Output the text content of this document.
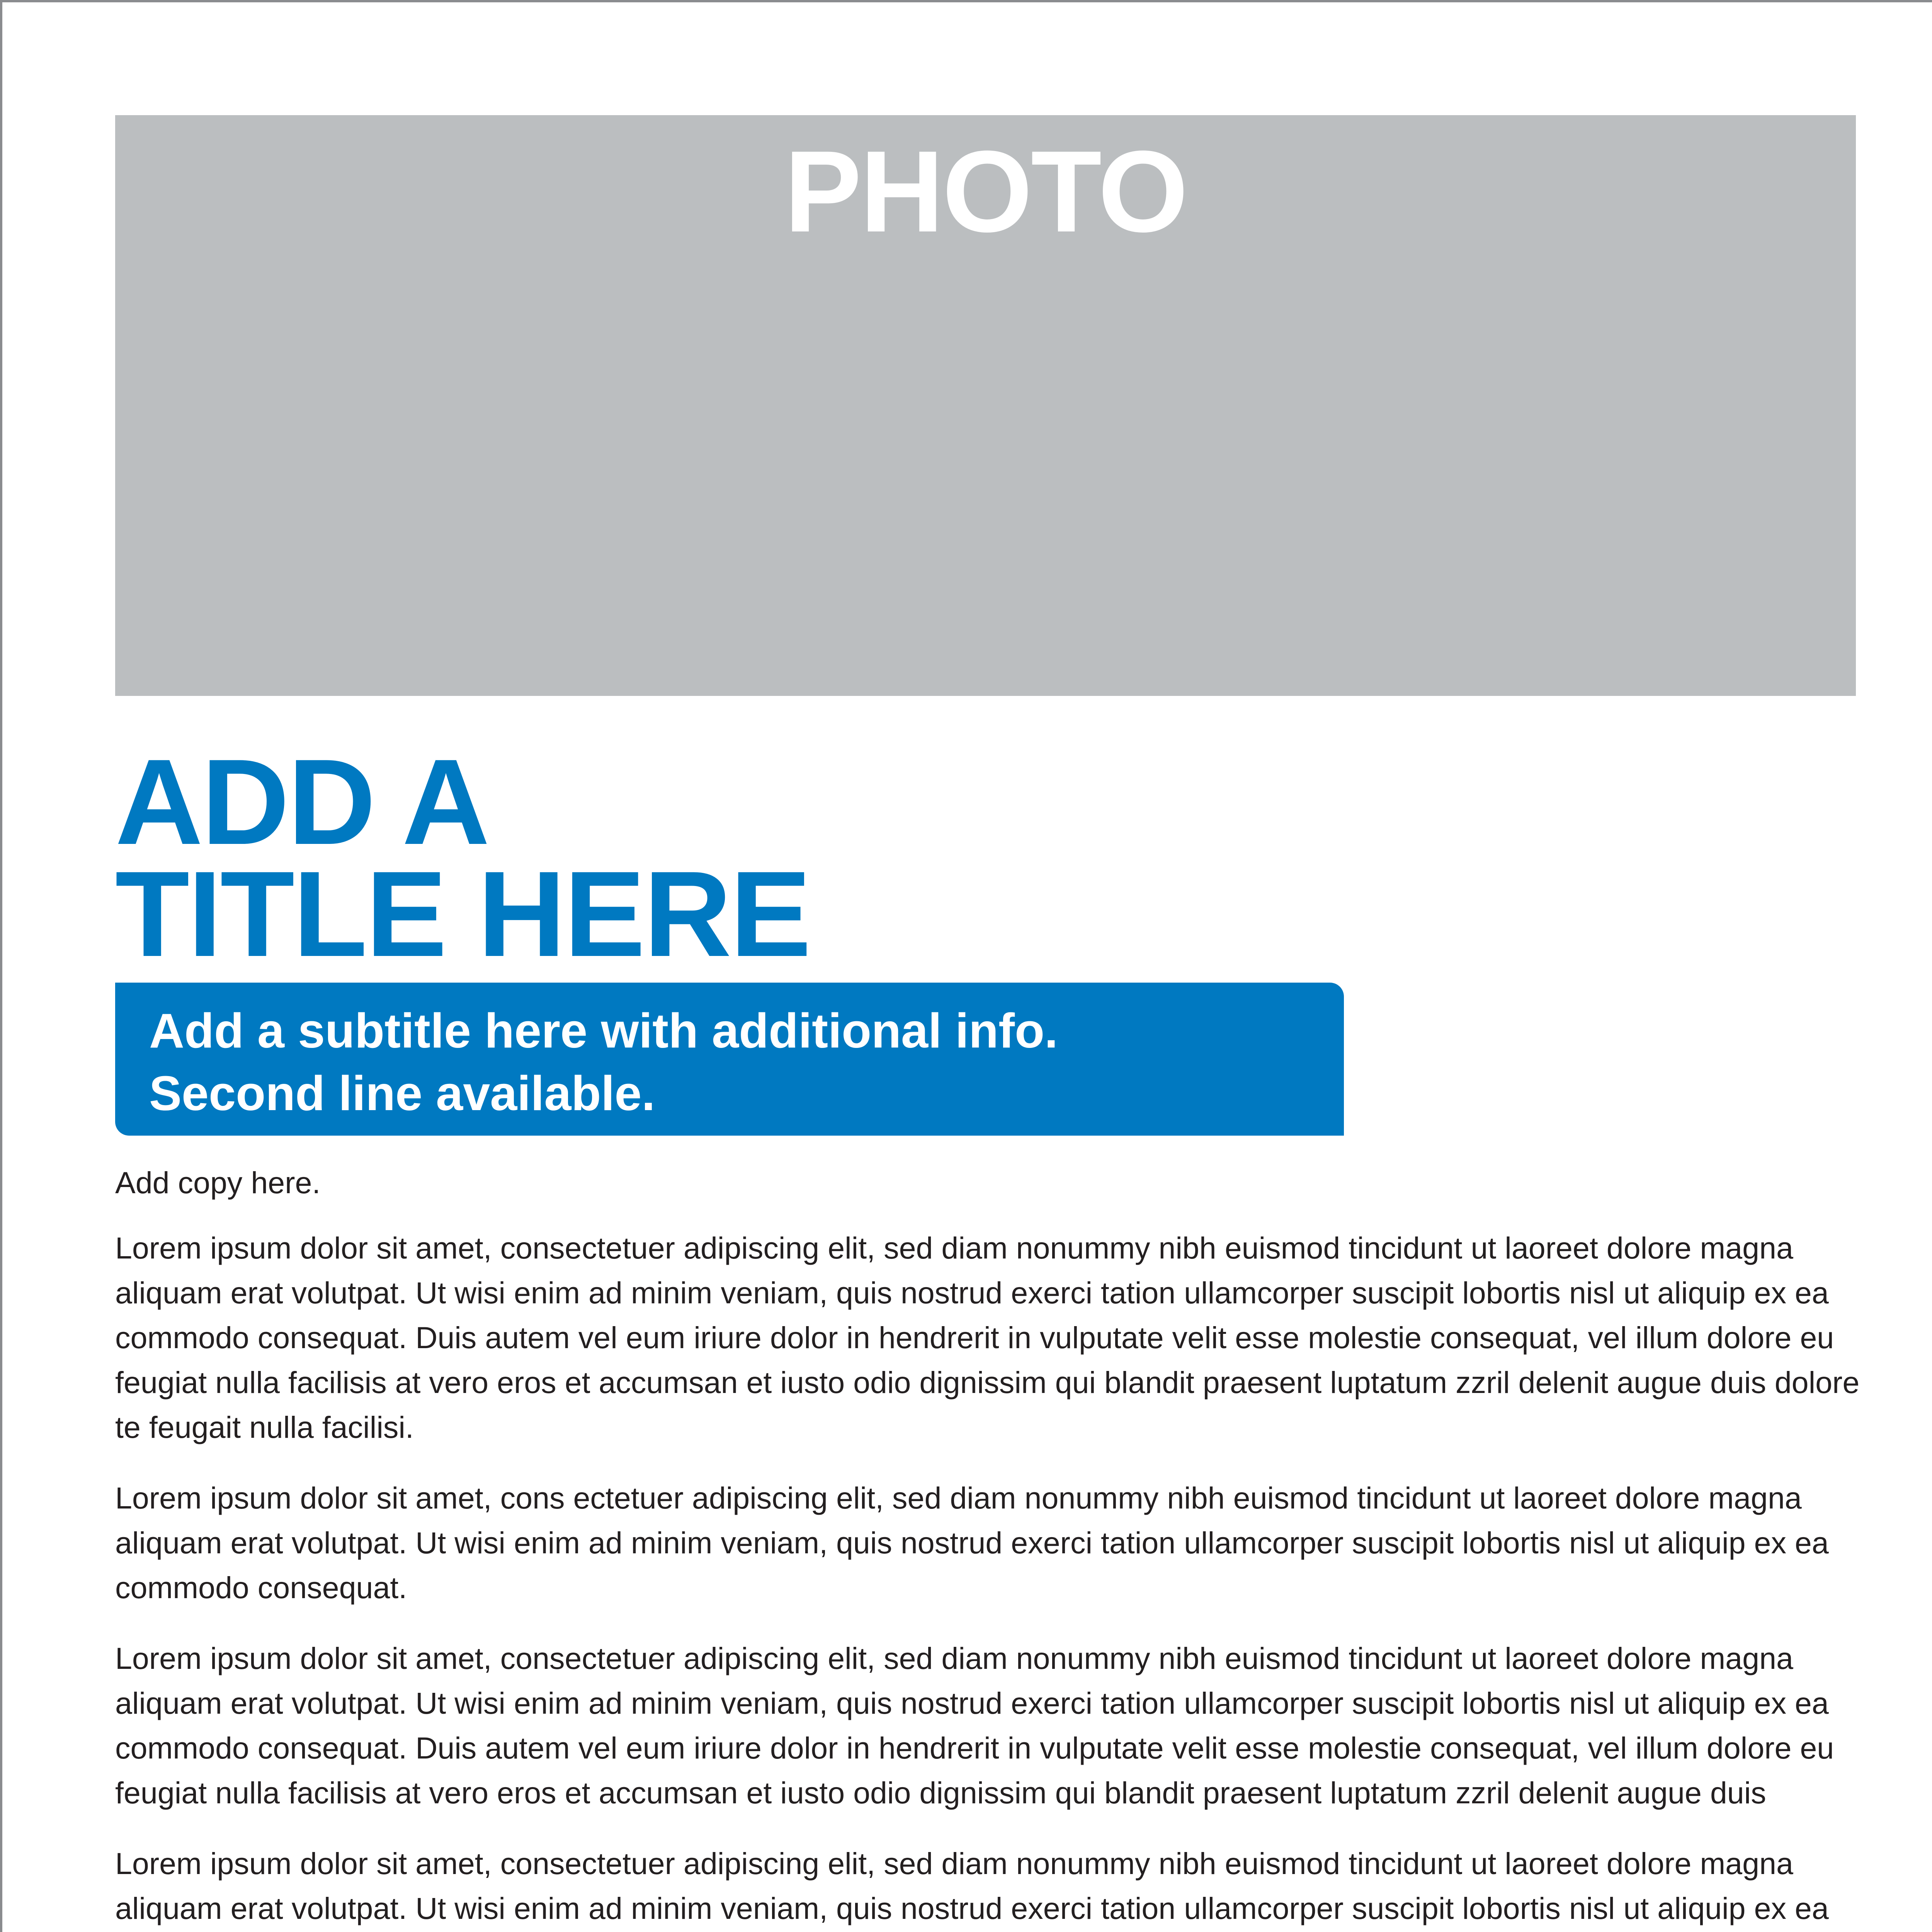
PHOTO
ADD A
TITLE HERE
Add a subtitle here with additional info.
Second line available.

Add copy here.

Lorem ipsum dolor sit amet, consectetuer adipiscing elit, sed diam nonummy nibh euismod tincidunt ut laoreet dolore magna aliquam erat volutpat. Ut wisi enim ad minim veniam, quis nostrud exerci tation ullamcorper suscipit lobortis nisl ut aliquip ex ea commodo consequat. Duis autem vel eum iriure dolor in hendrerit in vulputate velit esse molestie consequat, vel illum dolore eu feugiat nulla facilisis at vero eros et accumsan et iusto odio dignissim qui blandit praesent luptatum zzril delenit augue duis dolore te feugait nulla facilisi.

Lorem ipsum dolor sit amet, cons ectetuer adipiscing elit, sed diam nonummy nibh euismod tincidunt ut laoreet dolore magna aliquam erat volutpat. Ut wisi enim ad minim veniam, quis nostrud exerci tation ullamcorper suscipit lobortis nisl ut aliquip ex ea commodo consequat.

Lorem ipsum dolor sit amet, consectetuer adipiscing elit, sed diam nonummy nibh euismod tincidunt ut laoreet dolore magna aliquam erat volutpat. Ut wisi enim ad minim veniam, quis nostrud exerci tation ullamcorper suscipit lobortis nisl ut aliquip ex ea commodo consequat. Duis autem vel eum iriure dolor in hendrerit in vulputate velit esse molestie consequat, vel illum dolore eu feugiat nulla facilisis at vero eros et accumsan et iusto odio dignissim qui blandit praesent luptatum zzril delenit augue duis

Lorem ipsum dolor sit amet, consectetuer adipiscing elit, sed diam nonummy nibh euismod tincidunt ut laoreet dolore magna aliquam erat volutpat. Ut wisi enim ad minim veniam, quis nostrud exerci tation ullamcorper suscipit lobortis nisl ut aliquip ex ea
